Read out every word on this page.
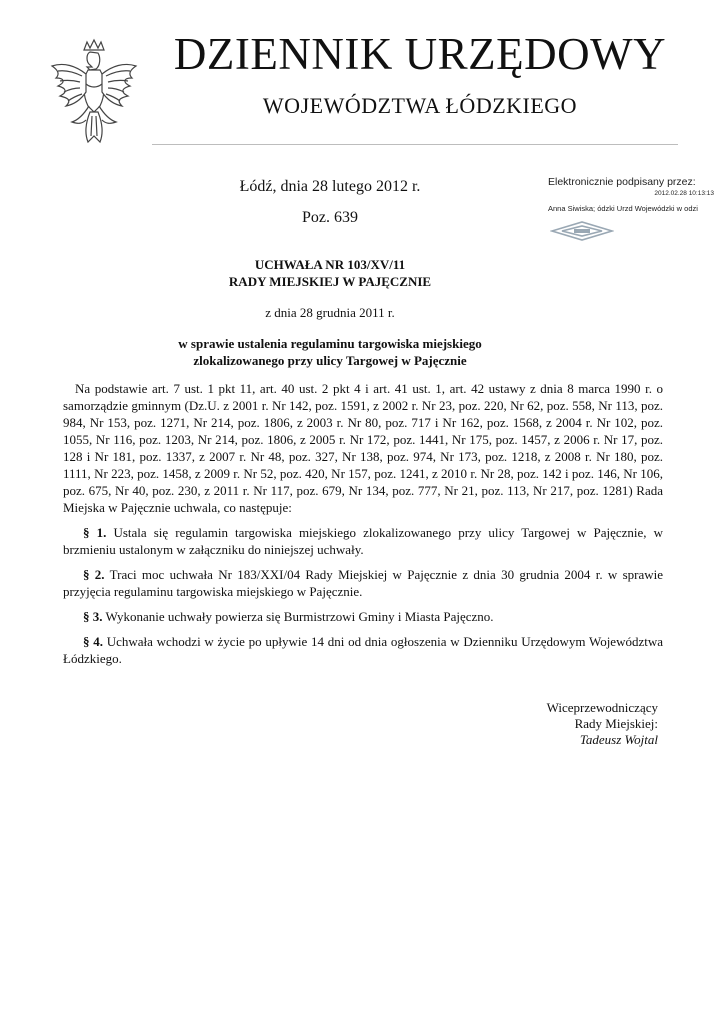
DZIENNIK URZĘDOWY
WOJEWÓDZTWA ŁÓDZKIEGO
Elektronicznie podpisany przez:
2012.02.28 10:13:13
Anna Siwiska; ódzki Urzd Wojewódzki w odzi
Łódź, dnia 28 lutego 2012 r.
Poz. 639
UCHWAŁA NR 103/XV/11
RADY MIEJSKIEJ W PAJĘCZNIE
z dnia 28 grudnia 2011 r.
w sprawie ustalenia regulaminu targowiska miejskiego
zlokalizowanego przy ulicy Targowej w Pajęcznie

Na podstawie art. 7 ust. 1 pkt 11, art. 40 ust. 2 pkt 4 i art. 41 ust. 1, art. 42 ustawy z dnia 8 marca 1990 r. o samorządzie gminnym (Dz.U. z 2001 r. Nr 142, poz. 1591, z 2002 r. Nr 23, poz. 220, Nr 62, poz. 558, Nr 113, poz. 984, Nr 153, poz. 1271, Nr 214, poz. 1806, z 2003 r. Nr 80, poz. 717 i Nr 162, poz. 1568, z 2004 r. Nr 102, poz. 1055, Nr 116, poz. 1203, Nr 214, poz. 1806, z 2005 r. Nr 172, poz. 1441, Nr 175, poz. 1457, z 2006 r. Nr 17, poz. 128 i Nr 181, poz. 1337, z 2007 r. Nr 48, poz. 327, Nr 138, poz. 974, Nr 173, poz. 1218, z 2008 r. Nr 180, poz. 1111, Nr 223, poz. 1458, z 2009 r. Nr 52, poz. 420, Nr 157, poz. 1241, z 2010 r. Nr 28, poz. 142 i poz. 146, Nr 106, poz. 675, Nr 40, poz. 230, z 2011 r. Nr 117, poz. 679, Nr 134, poz. 777, Nr 21, poz. 113, Nr 217, poz. 1281) Rada Miejska w Pajęcznie uchwala, co następuje:

§ 1. Ustala się regulamin targowiska miejskiego zlokalizowanego przy ulicy Targowej w Pajęcznie, w brzmieniu ustalonym w załączniku do niniejszej uchwały.

§ 2. Traci moc uchwała Nr 183/XXI/04 Rady Miejskiej w Pajęcznie z dnia 30 grudnia 2004 r. w sprawie przyjęcia regulaminu targowiska miejskiego w Pajęcznie.

§ 3. Wykonanie uchwały powierza się Burmistrzowi Gminy i Miasta Pajęczno.

§ 4. Uchwała wchodzi w życie po upływie 14 dni od dnia ogłoszenia w Dzienniku Urzędowym Województwa Łódzkiego.

Wiceprzewodniczący
Rady Miejskiej:
Tadeusz Wojtal
